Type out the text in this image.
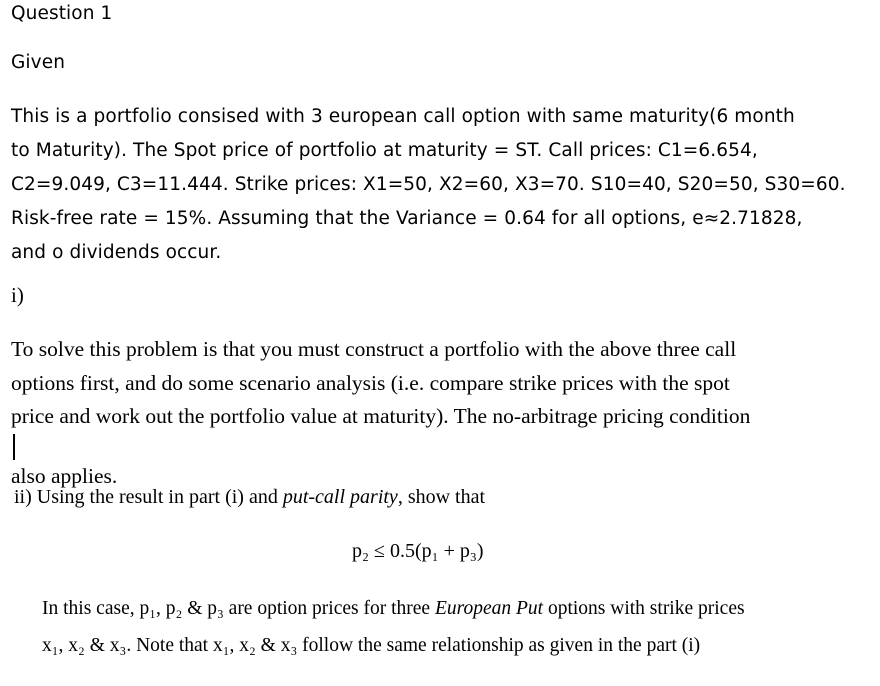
Question 1
Given
This is a portfolio consised with 3 european call option with same maturity(6 month
to Maturity). The Spot price of portfolio at maturity = ST. Call prices: C1=6.654,
C2=9.049, C3=11.444. Strike prices: X1=50, X2=60, X3=70. S10=40, S20=50, S30=60.
Risk-free rate = 15%. Assuming that the Variance = 0.64 for all options, e≈2.71828,
and o dividends occur.
i)
To solve this problem is that you must construct a portfolio with the above three call
options first, and do some scenario analysis (i.e. compare strike prices with the spot
price and work out the portfolio value at maturity). The no-arbitrage pricing condition
also applies.
ii) Using the result in part (i) and put-call parity, show that
p₂ ≤ 0.5(p₁ + p₃)
In this case, p₁, p₂ & p₃ are option prices for three European Put options with strike prices
x₁, x₂ & x₃. Note that x₁, x₂ & x₃ follow the same relationship as given in the part (i)
